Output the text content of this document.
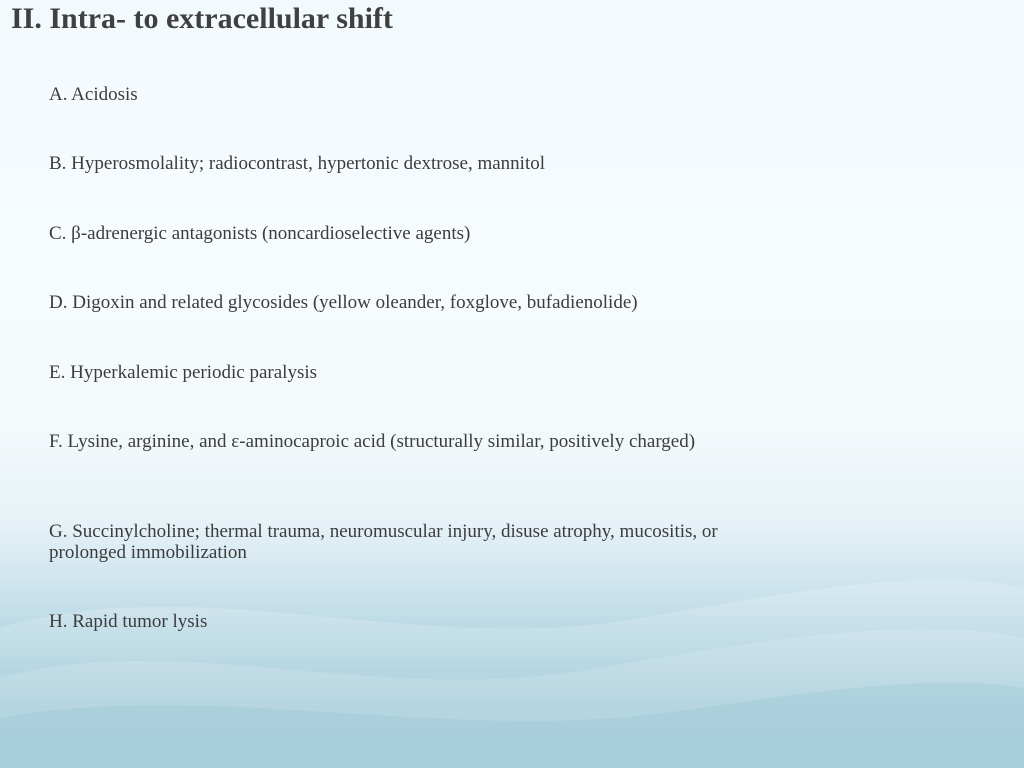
II. Intra- to extracellular shift
A. Acidosis
B. Hyperosmolality; radiocontrast, hypertonic dextrose, mannitol
C. β-adrenergic antagonists (noncardioselective agents)
D. Digoxin and related glycosides (yellow oleander, foxglove, bufadienolide)
E. Hyperkalemic periodic paralysis
F. Lysine, arginine, and ε-aminocaproic acid (structurally similar, positively charged)
G. Succinylcholine; thermal trauma, neuromuscular injury, disuse atrophy, mucositis, or prolonged immobilization
H. Rapid tumor lysis
